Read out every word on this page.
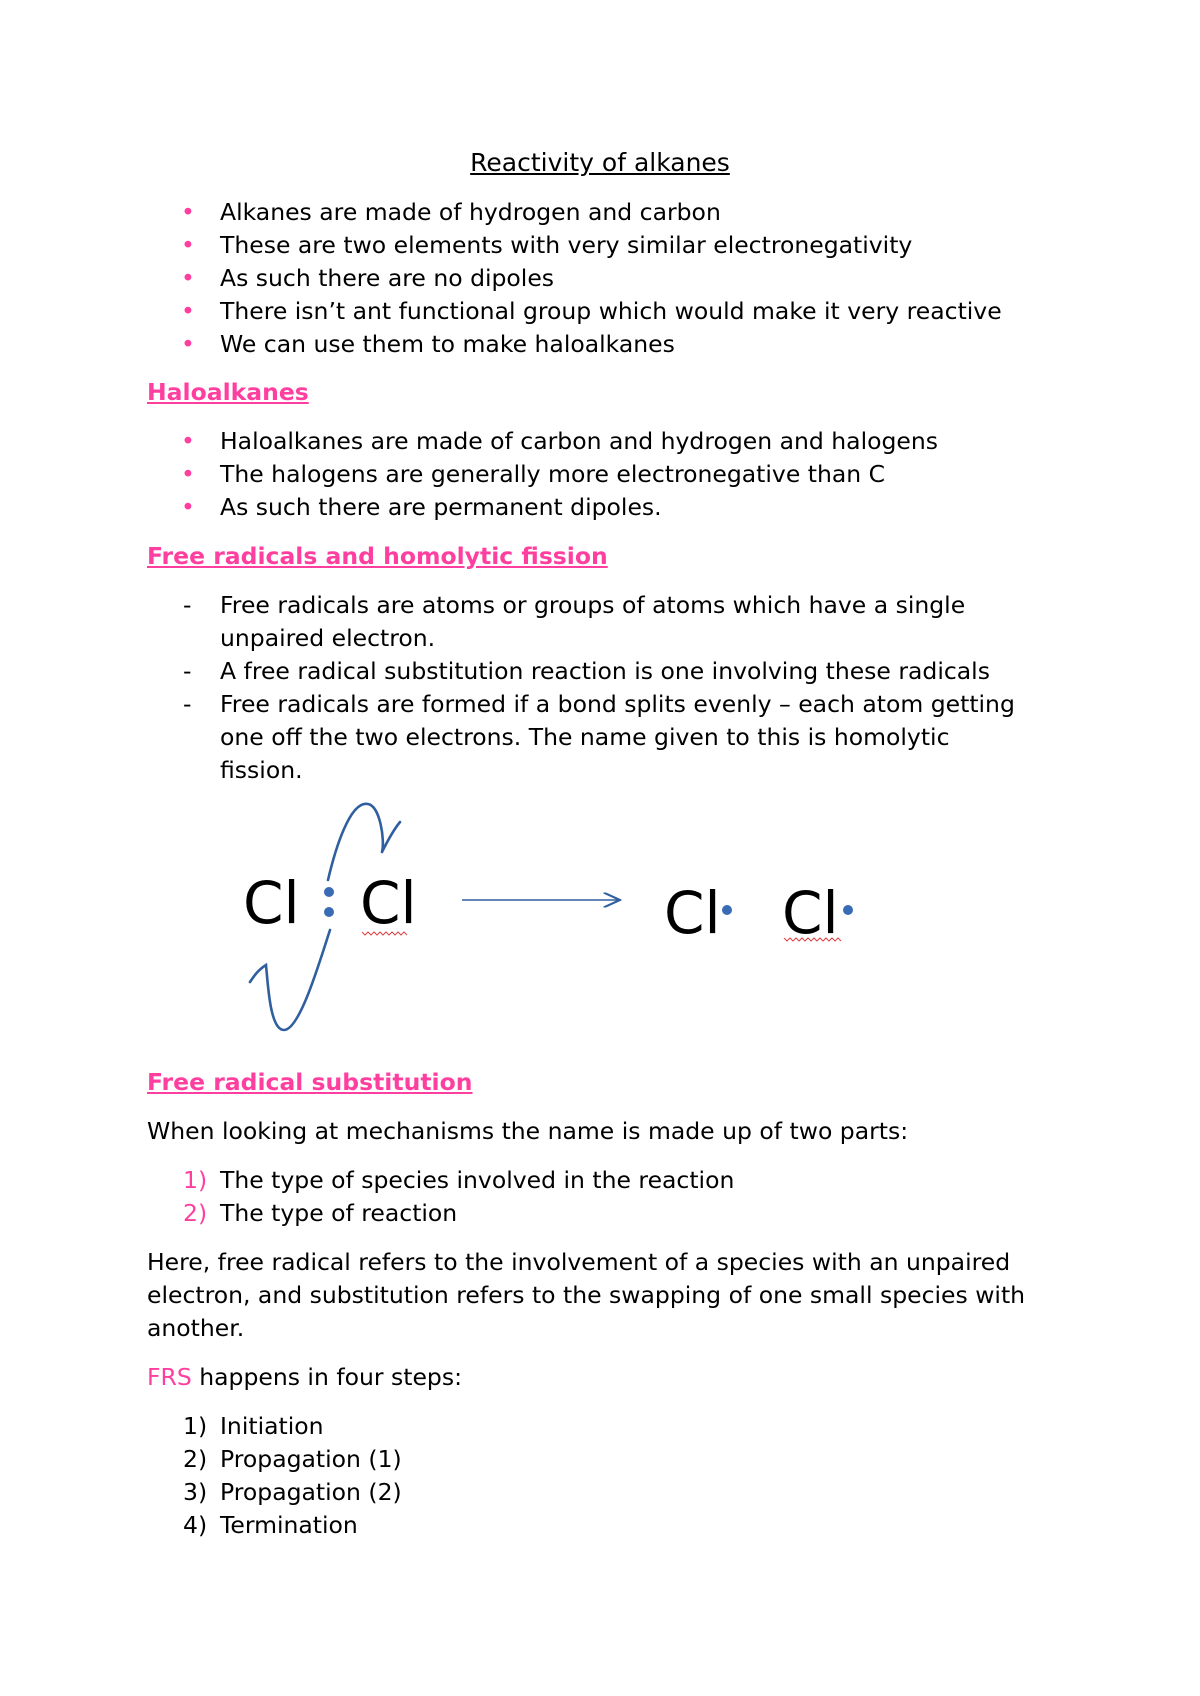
Reactivity of alkanes
• Alkanes are made of hydrogen and carbon
• These are two elements with very similar electronegativity
• As such there are no dipoles
• There isn’t ant functional group which would make it very reactive
• We can use them to make haloalkanes
Haloalkanes
• Haloalkanes are made of carbon and hydrogen and halogens
• The halogens are generally more electronegative than C
• As such there are permanent dipoles.
Free radicals and homolytic fission
- Free radicals are atoms or groups of atoms which have a single
unpaired electron.
- A free radical substitution reaction is one involving these radicals
- Free radicals are formed if a bond splits evenly – each atom getting
one off the two electrons. The name given to this is homolytic
fission.
Cl Cl	Cl Cl
Free radical substitution
When looking at mechanisms the name is made up of two parts:
1) The type of species involved in the reaction
2) The type of reaction
Here, free radical refers to the involvement of a species with an unpaired
electron, and substitution refers to the swapping of one small species with
another.
FRS happens in four steps:
1) Initiation
2) Propagation (1)
3) Propagation (2)
4) Termination
